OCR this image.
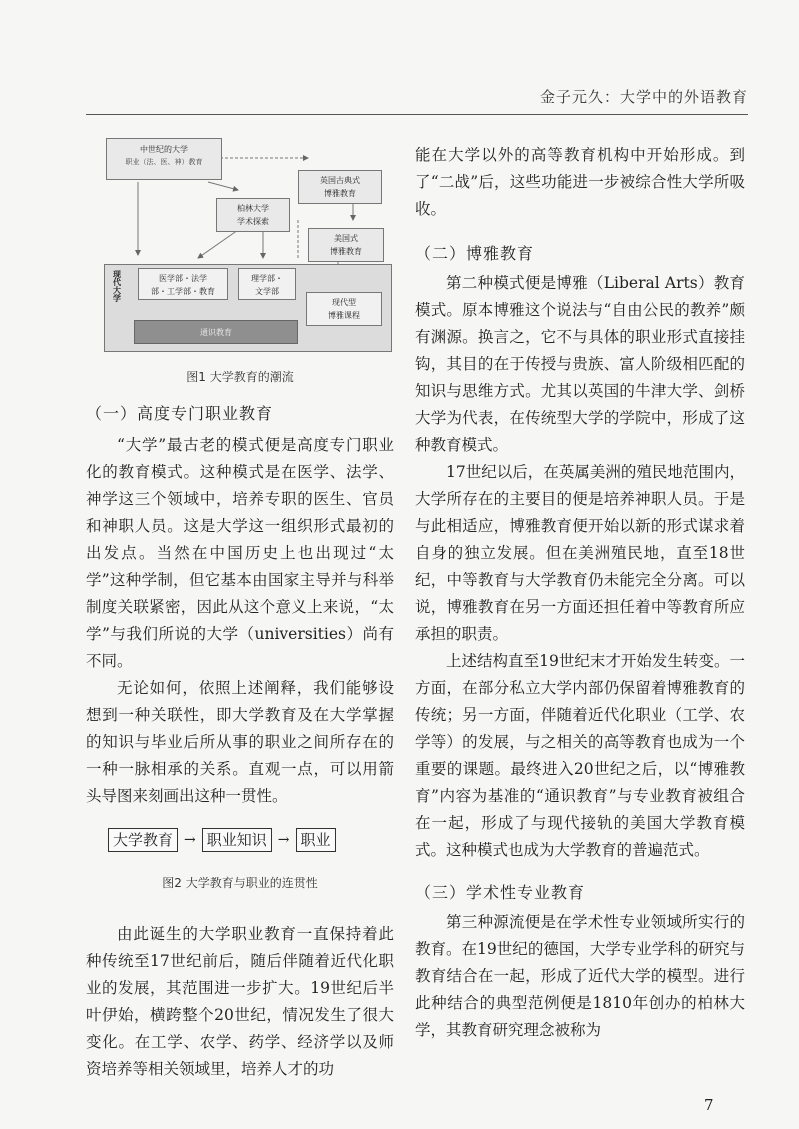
金子元久：大学中的外语教育
中世纪的大学
职业（法、医、神）教育
英国古典式
博雅教育
柏林大学
学术探索
美国式
博雅教育
现代大学	医学部・法学
部・工学部・教育
理学部・
文学部
现代型
博雅课程
通识教育
图1 大学教育的潮流
（一）高度专门职业教育

“大学”最古老的模式便是高度专门职业化的教育模式。这种模式是在医学、法学、神学这三个领域中，培养专职的医生、官员和神职人员。这是大学这一组织形式最初的出发点。当然在中国历史上也出现过“太学”这种学制，但它基本由国家主导并与科举制度关联紧密，因此从这个意义上来说，“太学”与我们所说的大学（universities）尚有不同。

无论如何，依照上述阐释，我们能够设想到一种关联性，即大学教育及在大学掌握的知识与毕业后所从事的职业之间所存在的一种一脉相承的关系。直观一点，可以用箭头导图来刻画出这种一贯性。

大学教育 → 职业知识 → 职业
图2 大学教育与职业的连贯性

由此诞生的大学职业教育一直保持着此种传统至17世纪前后，随后伴随着近代化职业的发展，其范围进一步扩大。19世纪后半叶伊始，横跨整个20世纪，情况发生了很大变化。在工学、农学、药学、经济学以及师资培养等相关领域里，培养人才的功

能在大学以外的高等教育机构中开始形成。到了“二战”后，这些功能进一步被综合性大学所吸收。

（二）博雅教育

第二种模式便是博雅（Liberal Arts）教育模式。原本博雅这个说法与“自由公民的教养”颇有渊源。换言之，它不与具体的职业形式直接挂钩，其目的在于传授与贵族、富人阶级相匹配的知识与思维方式。尤其以英国的牛津大学、剑桥大学为代表，在传统型大学的学院中，形成了这种教育模式。

17世纪以后，在英属美洲的殖民地范围内，大学所存在的主要目的便是培养神职人员。于是与此相适应，博雅教育便开始以新的形式谋求着自身的独立发展。但在美洲殖民地，直至18世纪，中等教育与大学教育仍未能完全分离。可以说，博雅教育在另一方面还担任着中等教育所应承担的职责。

上述结构直至19世纪末才开始发生转变。一方面，在部分私立大学内部仍保留着博雅教育的传统；另一方面，伴随着近代化职业（工学、农学等）的发展，与之相关的高等教育也成为一个重要的课题。最终进入20世纪之后，以“博雅教育”内容为基准的“通识教育”与专业教育被组合在一起，形成了与现代接轨的美国大学教育模式。这种模式也成为大学教育的普遍范式。

（三）学术性专业教育

第三种源流便是在学术性专业领域所实行的教育。在19世纪的德国，大学专业学科的研究与教育结合在一起，形成了近代大学的模型。进行此种结合的典型范例便是1810年创办的柏林大学，其教育研究理念被称为

7
